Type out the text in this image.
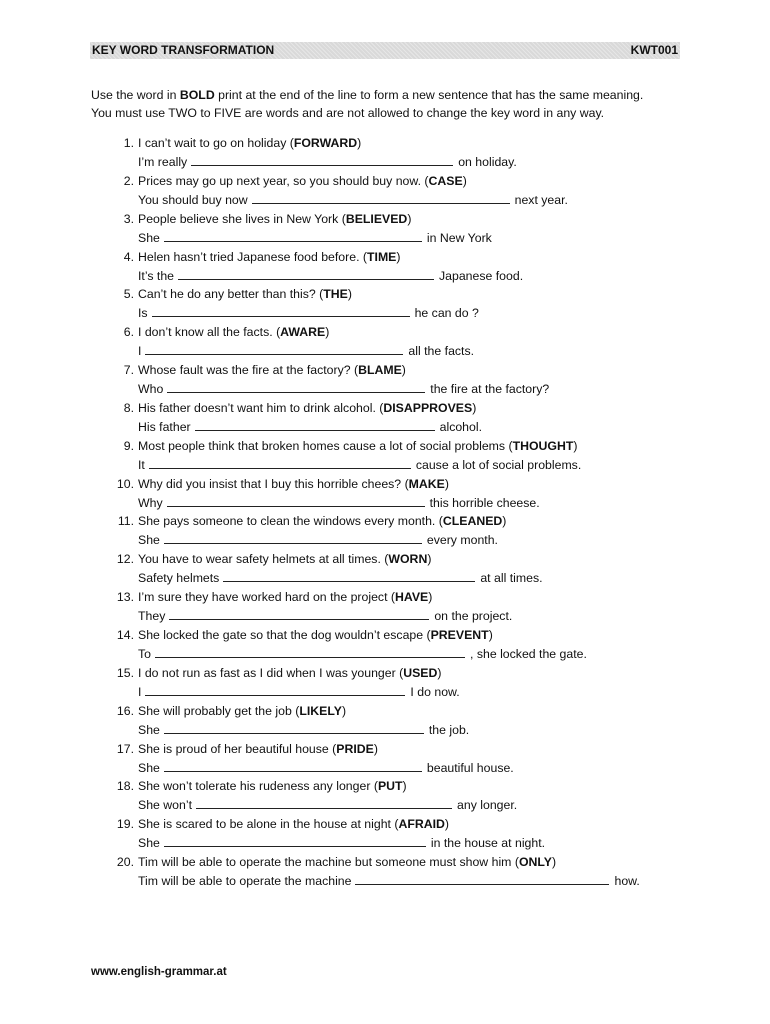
KEY WORD TRANSFORMATION	KWT001
Use the word in BOLD print at the end of the line to form a new sentence that has the same meaning.
You must use TWO to FIVE are words and are not allowed to change the key word in any way.
1. I can’t wait to go on holiday (FORWARD)
I’m really	on holiday.
2. Prices may go up next year, so you should buy now. (CASE)
You should buy now	next year.
3. People believe she lives in New York (BELIEVED)
She	in New York
4. Helen hasn’t tried Japanese food before. (TIME)
It’s the	Japanese food.
5. Can’t he do any better than this? (THE)
Is	he can do ?
6. I don’t know all the facts. (AWARE)
I	all the facts.
7. Whose fault was the fire at the factory? (BLAME)
Who	the fire at the factory?
8. His father doesn’t want him to drink alcohol. (DISAPPROVES)
His father	alcohol.
9. Most people think that broken homes cause a lot of social problems (THOUGHT)
It	cause a lot of social problems.
10. Why did you insist that I buy this horrible chees? (MAKE)
Why	this horrible cheese.
11. She pays someone to clean the windows every month. (CLEANED)
She	every month.
12. You have to wear safety helmets at all times. (WORN)
Safety helmets	at all times.
13. I’m sure they have worked hard on the project (HAVE)
They	on the project.
14. She locked the gate so that the dog wouldn’t escape (PREVENT)
To	, she locked the gate.
15. I do not run as fast as I did when I was younger (USED)
I	I do now.
16. She will probably get the job (LIKELY)
She	the job.
17. She is proud of her beautiful house (PRIDE)
She	beautiful house.
18. She won’t tolerate his rudeness any longer (PUT)
She won’t	any longer.
19. She is scared to be alone in the house at night (AFRAID)
She	in the house at night.
20. Tim will be able to operate the machine but someone must show him (ONLY)
Tim will be able to operate the machine	how.
www.english-grammar.at
